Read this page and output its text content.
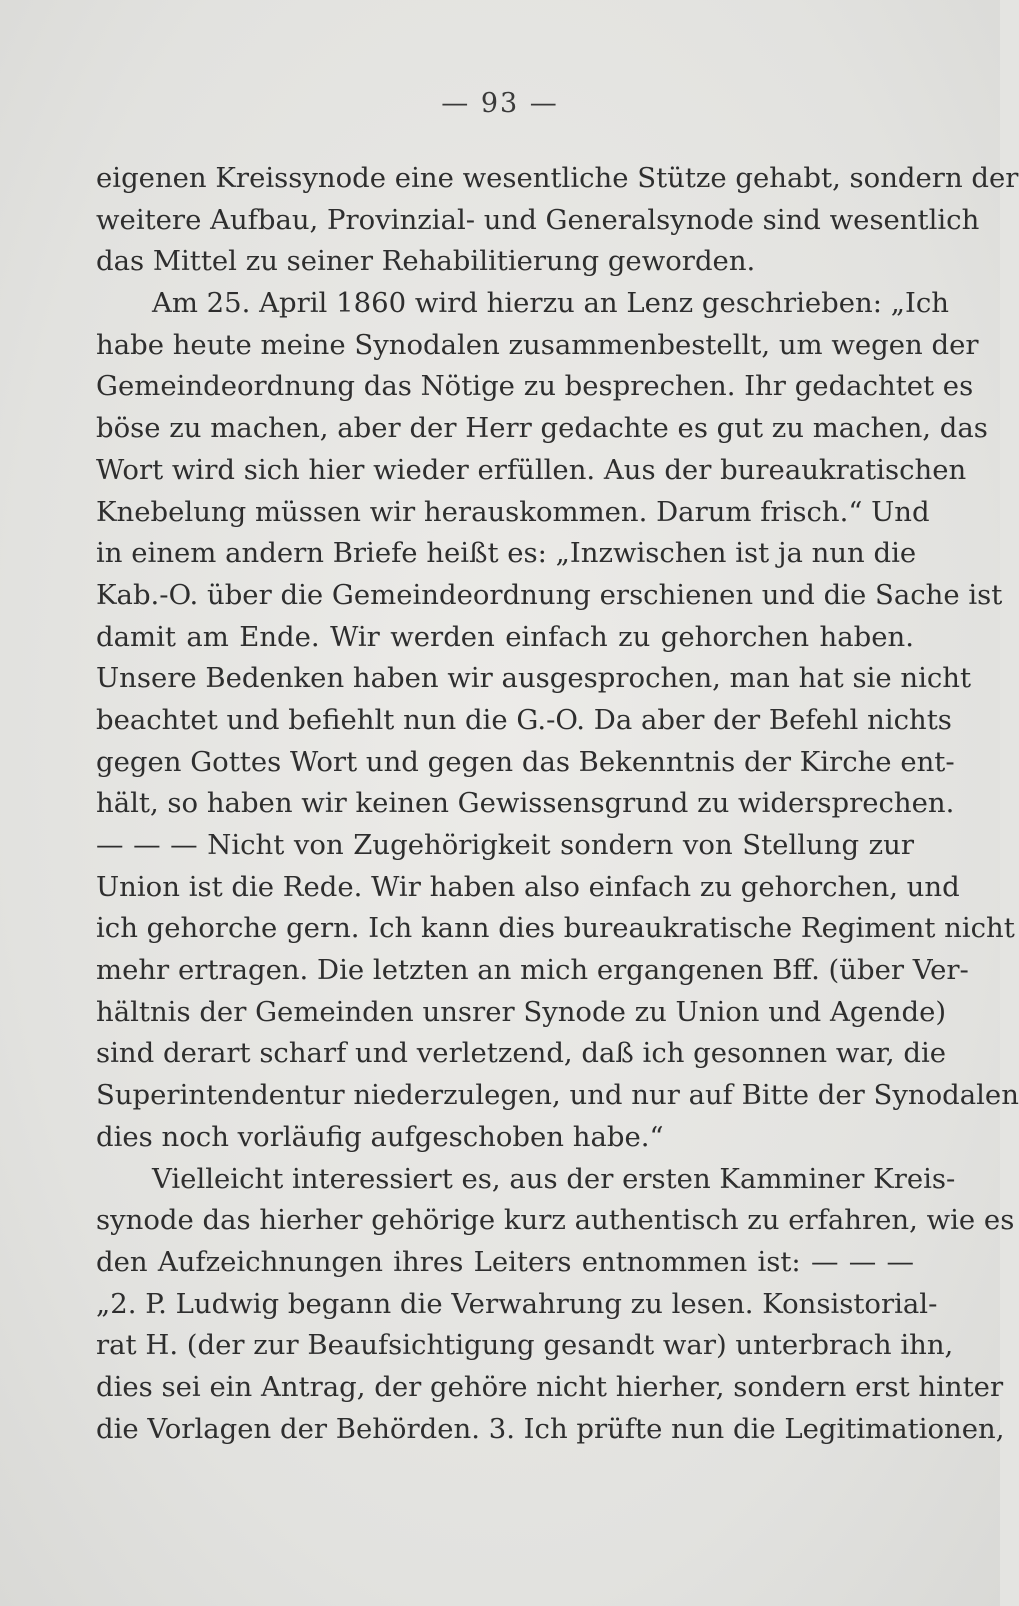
— 93 —
eigenen Kreissynode eine wesentliche Stütze gehabt, sondern der
weitere Aufbau, Provinzial- und Generalsynode sind wesentlich
das Mittel zu seiner Rehabilitierung geworden.
Am 25. April 1860 wird hierzu an Lenz geschrieben: „Ich
habe heute meine Synodalen zusammenbestellt, um wegen der
Gemeindeordnung das Nötige zu besprechen. Ihr gedachtet es
böse zu machen, aber der Herr gedachte es gut zu machen, das
Wort wird sich hier wieder erfüllen. Aus der bureaukratischen
Knebelung müssen wir herauskommen. Darum frisch.“ Und
in einem andern Briefe heißt es: „Inzwischen ist ja nun die
Kab.-O. über die Gemeindeordnung erschienen und die Sache ist
damit am Ende. Wir werden einfach zu gehorchen haben.
Unsere Bedenken haben wir ausgesprochen, man hat sie nicht
beachtet und befiehlt nun die G.-O. Da aber der Befehl nichts
gegen Gottes Wort und gegen das Bekenntnis der Kirche ent-
hält, so haben wir keinen Gewissensgrund zu widersprechen.
— — — Nicht von Zugehörigkeit sondern von Stellung zur
Union ist die Rede. Wir haben also einfach zu gehorchen, und
ich gehorche gern. Ich kann dies bureaukratische Regiment nicht
mehr ertragen. Die letzten an mich ergangenen Bff. (über Ver-
hältnis der Gemeinden unsrer Synode zu Union und Agende)
sind derart scharf und verletzend, daß ich gesonnen war, die
Superintendentur niederzulegen, und nur auf Bitte der Synodalen
dies noch vorläufig aufgeschoben habe.“
Vielleicht interessiert es, aus der ersten Kamminer Kreis-
synode das hierher gehörige kurz authentisch zu erfahren, wie es
den Aufzeichnungen ihres Leiters entnommen ist: — — —
„2. P. Ludwig begann die Verwahrung zu lesen. Konsistorial-
rat H. (der zur Beaufsichtigung gesandt war) unterbrach ihn,
dies sei ein Antrag, der gehöre nicht hierher, sondern erst hinter
die Vorlagen der Behörden. 3. Ich prüfte nun die Legitimationen,
